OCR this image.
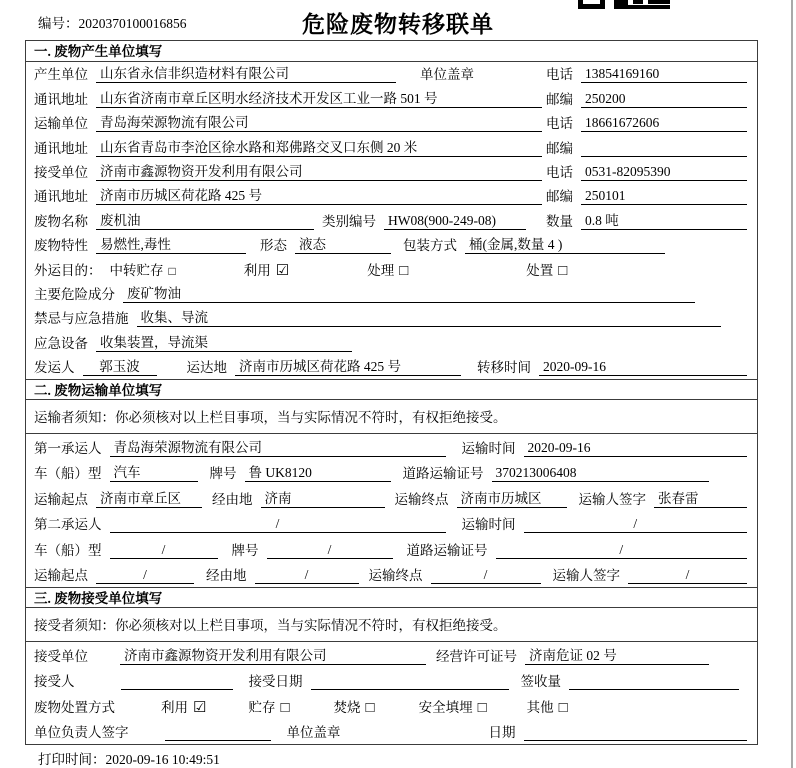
编号：2020370100016856	危险废物转移联单
一. 废物产生单位填写
产生单位 山东省永信非织造材料有限公司	单位盖章	电话 13854169160
通讯地址 山东省济南市章丘区明水经济技术开发区工业一路 501 号	邮编 250200
运输单位 青岛海荣源物流有限公司	电话 18661672606
通讯地址 山东省青岛市李沧区徐水路和郑佛路交叉口东侧 20 米	邮编
接受单位 济南市鑫源物资开发利用有限公司	电话 0531-82095390
通讯地址 济南市历城区荷花路 425 号	邮编 250101
废物名称 废机油	类别编号 HW08(900-249-08)	数量 0.8 吨
废物特性 易燃性,毒性	形态 液态	包装方式 桶(金属,数量 4 )
外运目的： 中转贮存 □	利用 ☑	处理 □	处置 □
主要危险成分 废矿物油
禁忌与应急措施 收集、导流
应急设备 收集装置，导流渠
发运人	郭玉波	运达地 济南市历城区荷花路 425 号	转移时间 2020-09-16
二. 废物运输单位填写
运输者须知：你必须核对以上栏目事项，当与实际情况不符时，有权拒绝接受。
第一承运人 青岛海荣源物流有限公司	运输时间 2020-09-16
车（船）型 汽车	牌号 鲁 UK8120	道路运输证号 370213006408
运输起点 济南市章丘区	经由地 济南	运输终点 济南市历城区	运输人签字 张春雷
第二承运人	/	运输时间	/
车（船）型	/	牌号	/	道路运输证号	/
运输起点	/	经由地	/	运输终点	/	运输人签字	/
三. 废物接受单位填写
接受者须知：你必须核对以上栏目事项，当与实际情况不符时，有权拒绝接受。
接受单位	济南市鑫源物资开发利用有限公司	经营许可证号 济南危证 02 号
接受人	接受日期	签收量
废物处置方式	利用 ☑	贮存 □	焚烧 □	安全填埋 □	其他 □
单位负责人签字	单位盖章	日期
打印时间：2020-09-16 10:49:51
